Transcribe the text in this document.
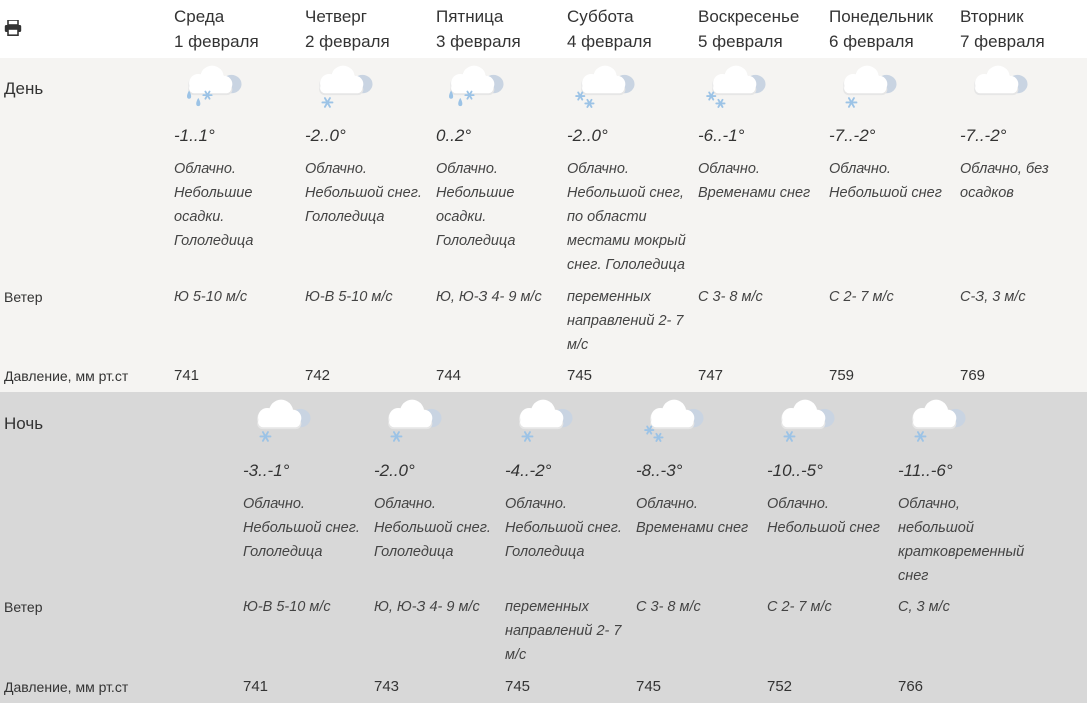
Среда
1 февраля
Четверг
2 февраля
Пятница
3 февраля
Суббота
4 февраля
Воскресенье
5 февраля
Понедельник
6 февраля
Вторник
7 февраля
День
Ветер
Давление, мм рт.ст
Ночь
Ветер
Давление, мм рт.ст
-1..1°
Облачно. Небольшие осадки. Гололедица
Ю 5-10 м/с
741
-2..0°
Облачно. Небольшой снег. Гололедица
Ю-В 5-10 м/с
742
0..2°
Облачно. Небольшие осадки. Гололедица
Ю, Ю-З 4- 9 м/с
744
-2..0°
Облачно. Небольшой снег, по области местами мокрый снег. Гололедица
переменных направлений 2- 7 м/с
745
-6..-1°
Облачно. Временами снег
С 3- 8 м/с
747
-7..-2°
Облачно. Небольшой снег
С 2- 7 м/с
759
-7..-2°
Облачно, без осадков
С-З, 3 м/с
769
-3..-1°
Облачно. Небольшой снег. Гололедица
Ю-В 5-10 м/с
741
-2..0°
Облачно. Небольшой снег. Гололедица
Ю, Ю-З 4- 9 м/с
743
-4..-2°
Облачно. Небольшой снег. Гололедица
переменных направлений 2- 7 м/с
745
-8..-3°
Облачно. Временами снег
С 3- 8 м/с
745
-10..-5°
Облачно. Небольшой снег
С 2- 7 м/с
752
-11..-6°
Облачно, небольшой кратковременный снег
С, 3 м/с
766
